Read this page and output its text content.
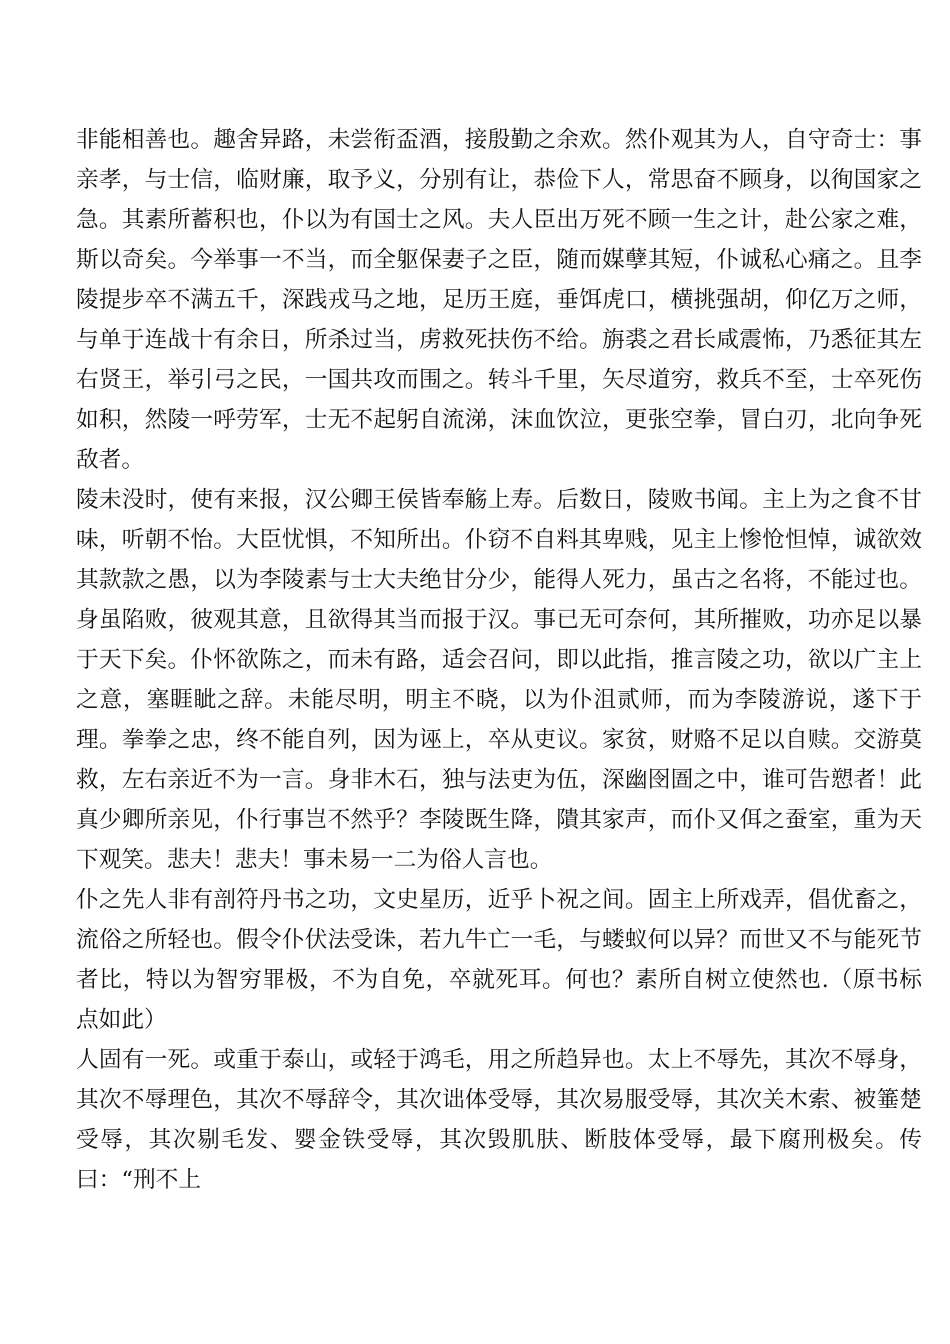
非能相善也。趣舍异路，未尝衔盃酒，接殷勤之余欢。然仆观其为人，自守奇士：事亲孝，与士信，临财廉，取予义，分别有让，恭俭下人，常思奋不顾身，以徇国家之急。其素所蓄积也，仆以为有国士之风。夫人臣出万死不顾一生之计，赴公家之难，斯以奇矣。今举事一不当，而全躯保妻子之臣，随而媒孽其短，仆诚私心痛之。且李陵提步卒不满五千，深践戎马之地，足历王庭，垂饵虎口，横挑强胡，仰亿万之师，与单于连战十有余日，所杀过当，虏救死扶伤不给。旃裘之君长咸震怖，乃悉征其左右贤王，举引弓之民，一国共攻而围之。转斗千里，矢尽道穷，救兵不至，士卒死伤如积，然陵一呼劳军，士无不起躬自流涕，沫血饮泣，更张空拳，冒白刃，北向争死敌者。

陵未没时，使有来报，汉公卿王侯皆奉觞上寿。后数日，陵败书闻。主上为之食不甘味，听朝不怡。大臣忧惧，不知所出。仆窃不自料其卑贱，见主上惨怆怛悼，诚欲效其款款之愚，以为李陵素与士大夫绝甘分少，能得人死力，虽古之名将，不能过也。身虽陷败，彼观其意，且欲得其当而报于汉。事已无可奈何，其所摧败，功亦足以暴于天下矣。仆怀欲陈之，而未有路，适会召问，即以此指，推言陵之功，欲以广主上之意，塞睚眦之辞。未能尽明，明主不晓，以为仆沮贰师，而为李陵游说，遂下于理。拳拳之忠，终不能自列，因为诬上，卒从吏议。家贫，财赂不足以自赎。交游莫救，左右亲近不为一言。身非木石，独与法吏为伍，深幽囹圄之中，谁可告愬者！此真少卿所亲见，仆行事岂不然乎？李陵既生降，隤其家声，而仆又佴之蚕室，重为天下观笑。悲夫！悲夫！事未易一二为俗人言也。

仆之先人非有剖符丹书之功，文史星历，近乎卜祝之间。固主上所戏弄，倡优畜之，流俗之所轻也。假令仆伏法受诛，若九牛亡一毛，与蝼蚁何以异？而世又不与能死节者比，特以为智穷罪极，不为自免，卒就死耳。何也？素所自树立使然也.（原书标点如此）

人固有一死。或重于泰山，或轻于鸿毛，用之所趋异也。太上不辱先，其次不辱身，其次不辱理色，其次不辱辞令，其次诎体受辱，其次易服受辱，其次关木索、被箠楚受辱，其次剔毛发、婴金铁受辱，其次毁肌肤、断肢体受辱，最下腐刑极矣。传曰：“刑不上
